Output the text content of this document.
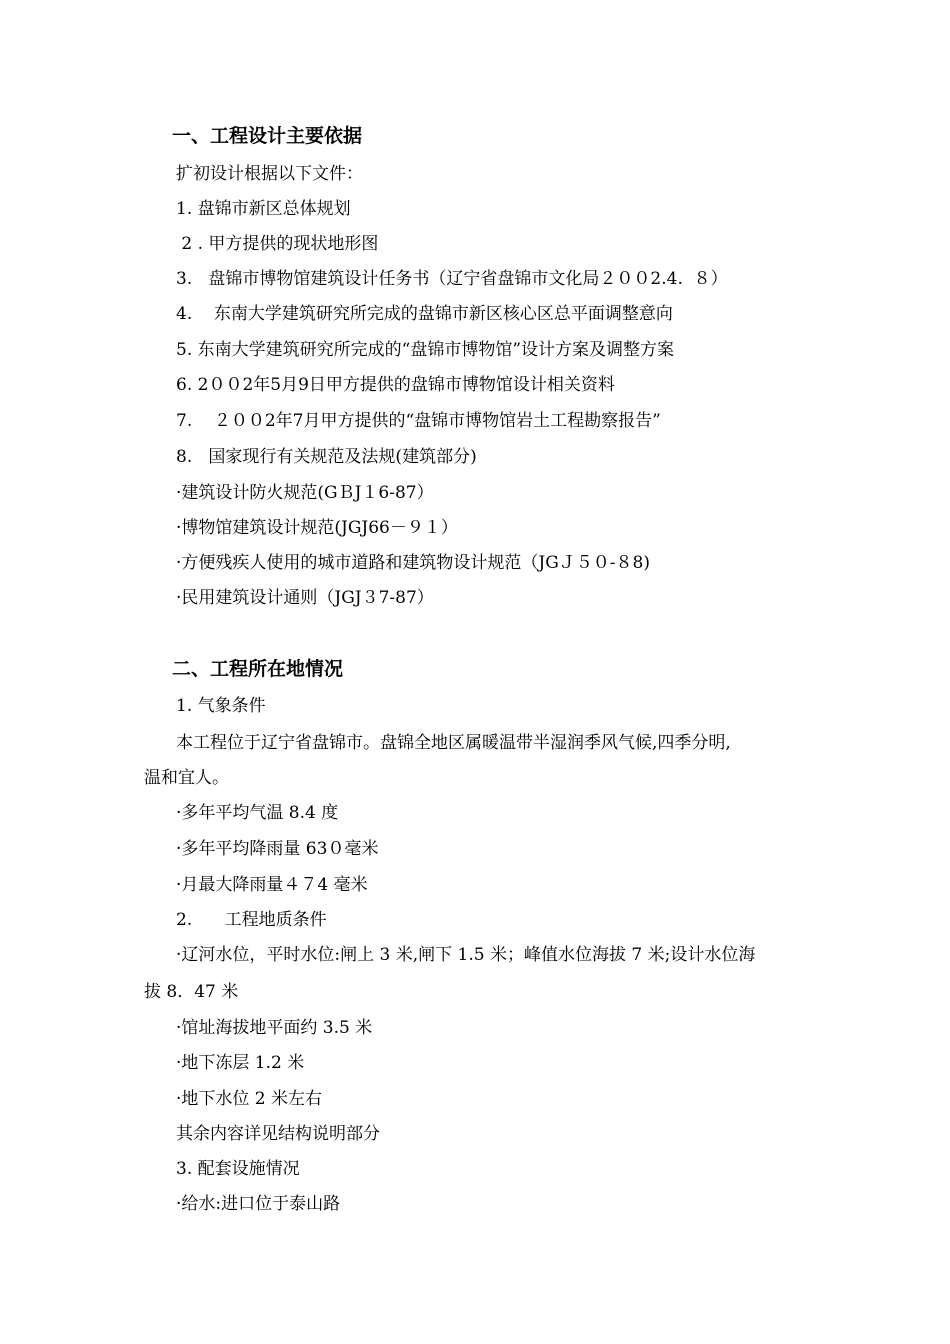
一、工程设计主要依据
扩初设计根据以下文件：
1. 盘锦市新区总体规划
2 . 甲方提供的现状地形图
3.   盘锦市博物馆建筑设计任务书（辽宁省盘锦市文化局２００2.4.  ８）
4.    东南大学建筑研究所完成的盘锦市新区核心区总平面调整意向
5. 东南大学建筑研究所完成的“盘锦市博物馆”设计方案及调整方案
6. 2００2年5月9日甲方提供的盘锦市博物馆设计相关资料
7.    ２００2年7月甲方提供的“盘锦市博物馆岩土工程勘察报告”
8.   国家现行有关规范及法规(建筑部分)
·建筑设计防火规范(GＢJ１6-87）
·博物馆建筑设计规范(JGJ66－９１）
·方便残疾人使用的城市道路和建筑物设计规范（JGＪ５０-８8)
·民用建筑设计通则（JGJ３7-87）
二、工程所在地情况
1. 气象条件
本工程位于辽宁省盘锦市。盘锦全地区属暖温带半湿润季风气候,四季分明,
温和宜人。
·多年平均气温 8.4 度
·多年平均降雨量 63０毫米
·月最大降雨量４７4 毫米
2.      工程地质条件
·辽河水位，平时水位:闸上 3 米,闸下 1.5 米；峰值水位海拔 7 米;设计水位海
拔 8．47 米
·馆址海拔地平面约 3.5 米
·地下冻层 1.2 米
·地下水位 2 米左右
其余内容详见结构说明部分
3. 配套设施情况
·给水:进口位于泰山路
